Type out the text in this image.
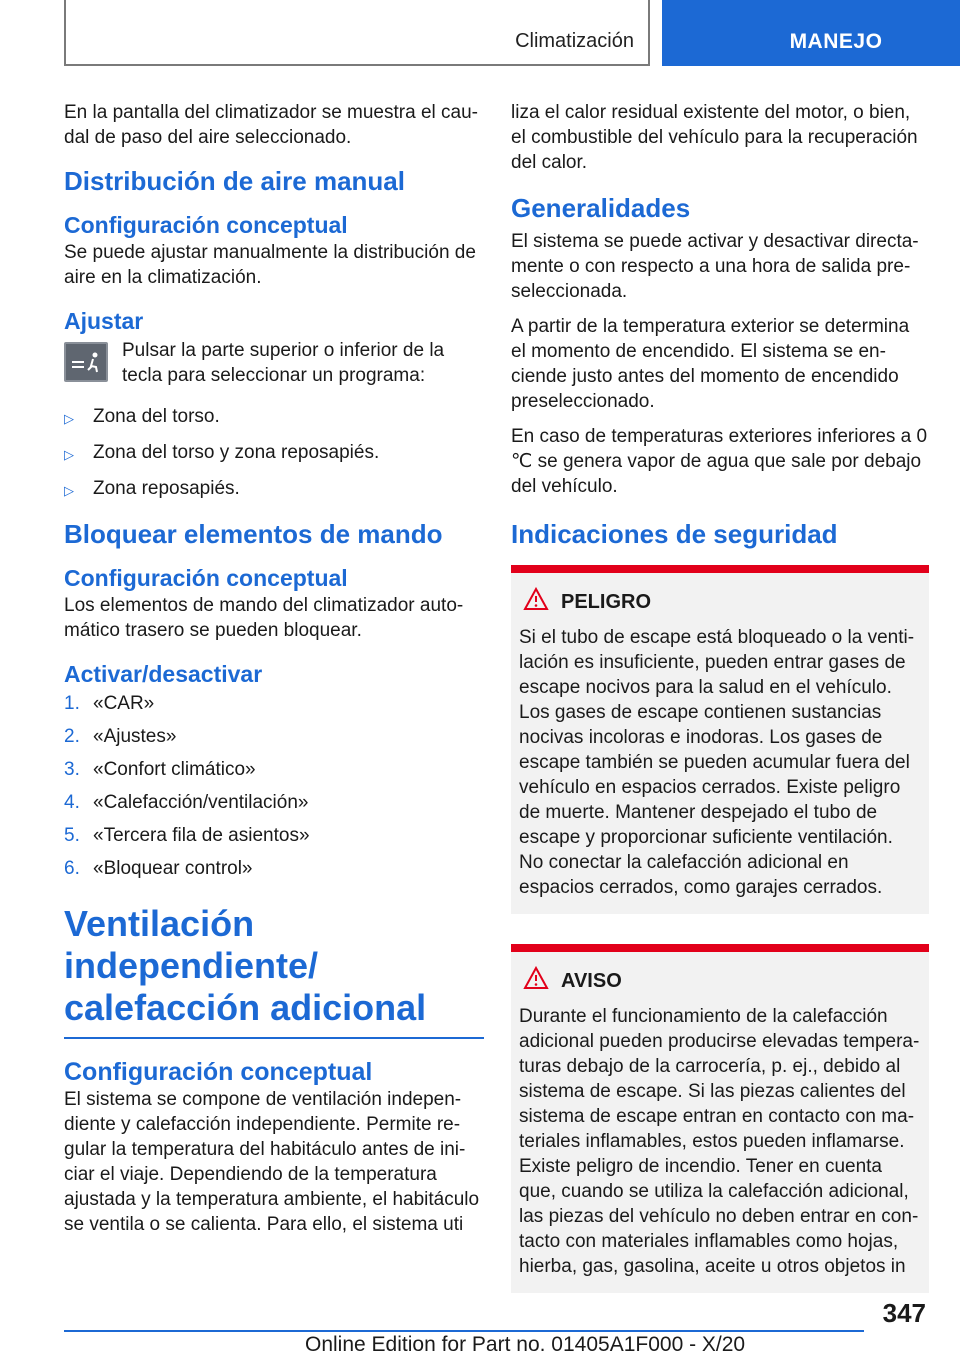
Climatización	MANEJO

En la pantalla del climatizador se muestra el caudal de paso del aire seleccionado.

Distribución de aire manual
Configuración conceptual

Se puede ajustar manualmente la distribución de aire en la climatización.

Ajustar

Pulsar la parte superior o inferior de la tecla para seleccionar un programa:

▷	Zona del torso.
▷	Zona del torso y zona reposapiés.
▷	Zona reposapiés.
Bloquear elementos de mando
Configuración conceptual

Los elementos de mando del climatizador automático trasero se pueden bloquear.

Activar/desactivar
1. «CAR»
2. «Ajustes»
3. «Confort climático»
4. «Calefacción/ventilación»
5. «Tercera fila de asientos»
6. «Bloquear control»
Ventilación independiente/ calefacción adicional
Configuración conceptual

El sistema se compone de ventilación independiente y calefacción independiente. Permite regular la temperatura del habitáculo antes de iniciar el viaje. Dependiendo de la temperatura ajustada y la temperatura ambiente, el habitáculo se ventila o se calienta. Para ello, el sistema uti

liza el calor residual existente del motor, o bien, el combustible del vehículo para la recuperación del calor.

Generalidades

El sistema se puede activar y desactivar directamente o con respecto a una hora de salida preseleccionada.

A partir de la temperatura exterior se determina el momento de encendido. El sistema se enciende justo antes del momento de encendido preseleccionado.

En caso de temperaturas exteriores inferiores a 0 ℃ se genera vapor de agua que sale por debajo del vehículo.

Indicaciones de seguridad
PELIGRO

Si el tubo de escape está bloqueado o la ventilación es insuficiente, pueden entrar gases de escape nocivos para la salud en el vehículo. Los gases de escape contienen sustancias nocivas incoloras e inodoras. Los gases de escape también se pueden acumular fuera del vehículo en espacios cerrados. Existe peligro de muerte. Mantener despejado el tubo de escape y proporcionar suficiente ventilación. No conectar la calefacción adicional en espacios cerrados, como garajes cerrados.

AVISO

Durante el funcionamiento de la calefacción adicional pueden producirse elevadas temperaturas debajo de la carrocería, p. ej., debido al sistema de escape. Si las piezas calientes del sistema de escape entran en contacto con materiales inflamables, estos pueden inflamarse. Existe peligro de incendio. Tener en cuenta que, cuando se utiliza la calefacción adicional, las piezas del vehículo no deben entrar en contacto con materiales inflamables como hojas, hierba, gas, gasolina, aceite u otros objetos in

347
Online Edition for Part no. 01405A1F000 - X/20
